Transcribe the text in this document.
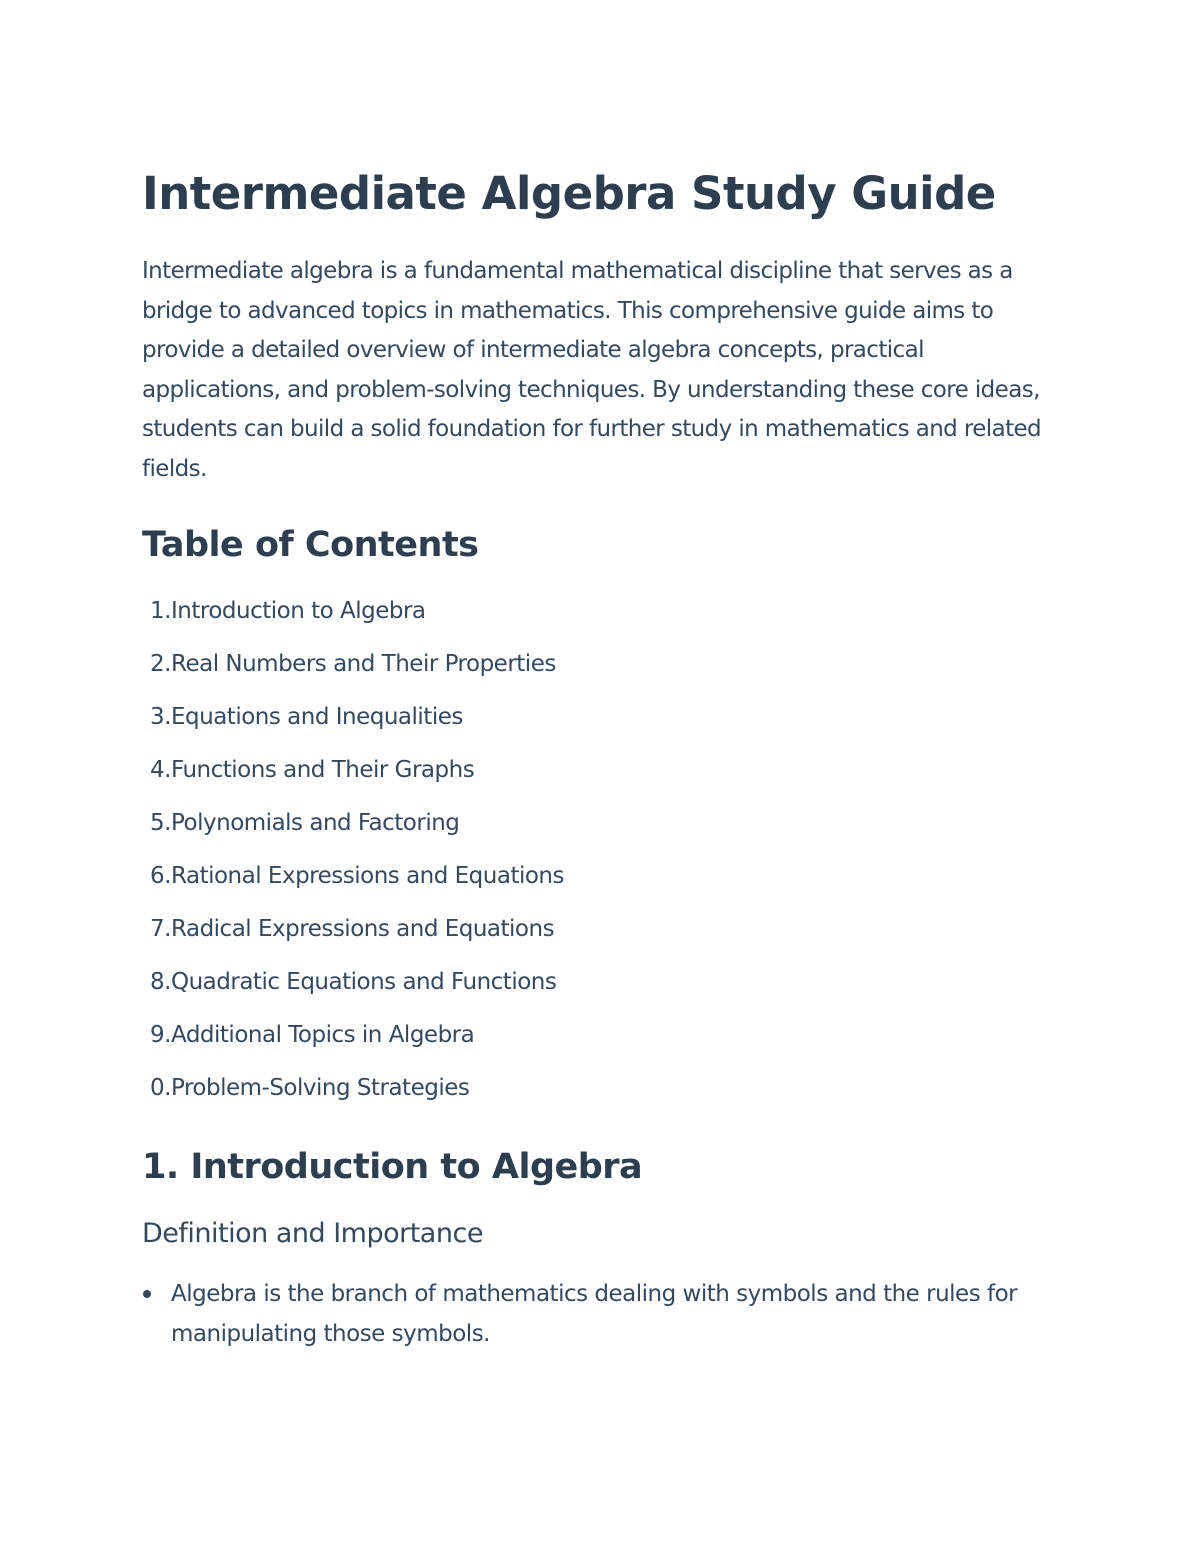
Intermediate Algebra Study Guide

Intermediate algebra is a fundamental mathematical discipline that serves as a bridge to advanced topics in mathematics. This comprehensive guide aims to provide a detailed overview of intermediate algebra concepts, practical applications, and problem-solving techniques. By understanding these core ideas, students can build a solid foundation for further study in mathematics and related fields.

Table of Contents
1. Introduction to Algebra
2. Real Numbers and Their Properties
3. Equations and Inequalities
4. Functions and Their Graphs
5. Polynomials and Factoring
6. Rational Expressions and Equations
7. Radical Expressions and Equations
8. Quadratic Equations and Functions
9. Additional Topics in Algebra
0. Problem-Solving Strategies
1. Introduction to Algebra
Definition and Importance
Algebra is the branch of mathematics dealing with symbols and the rules for manipulating those symbols.
